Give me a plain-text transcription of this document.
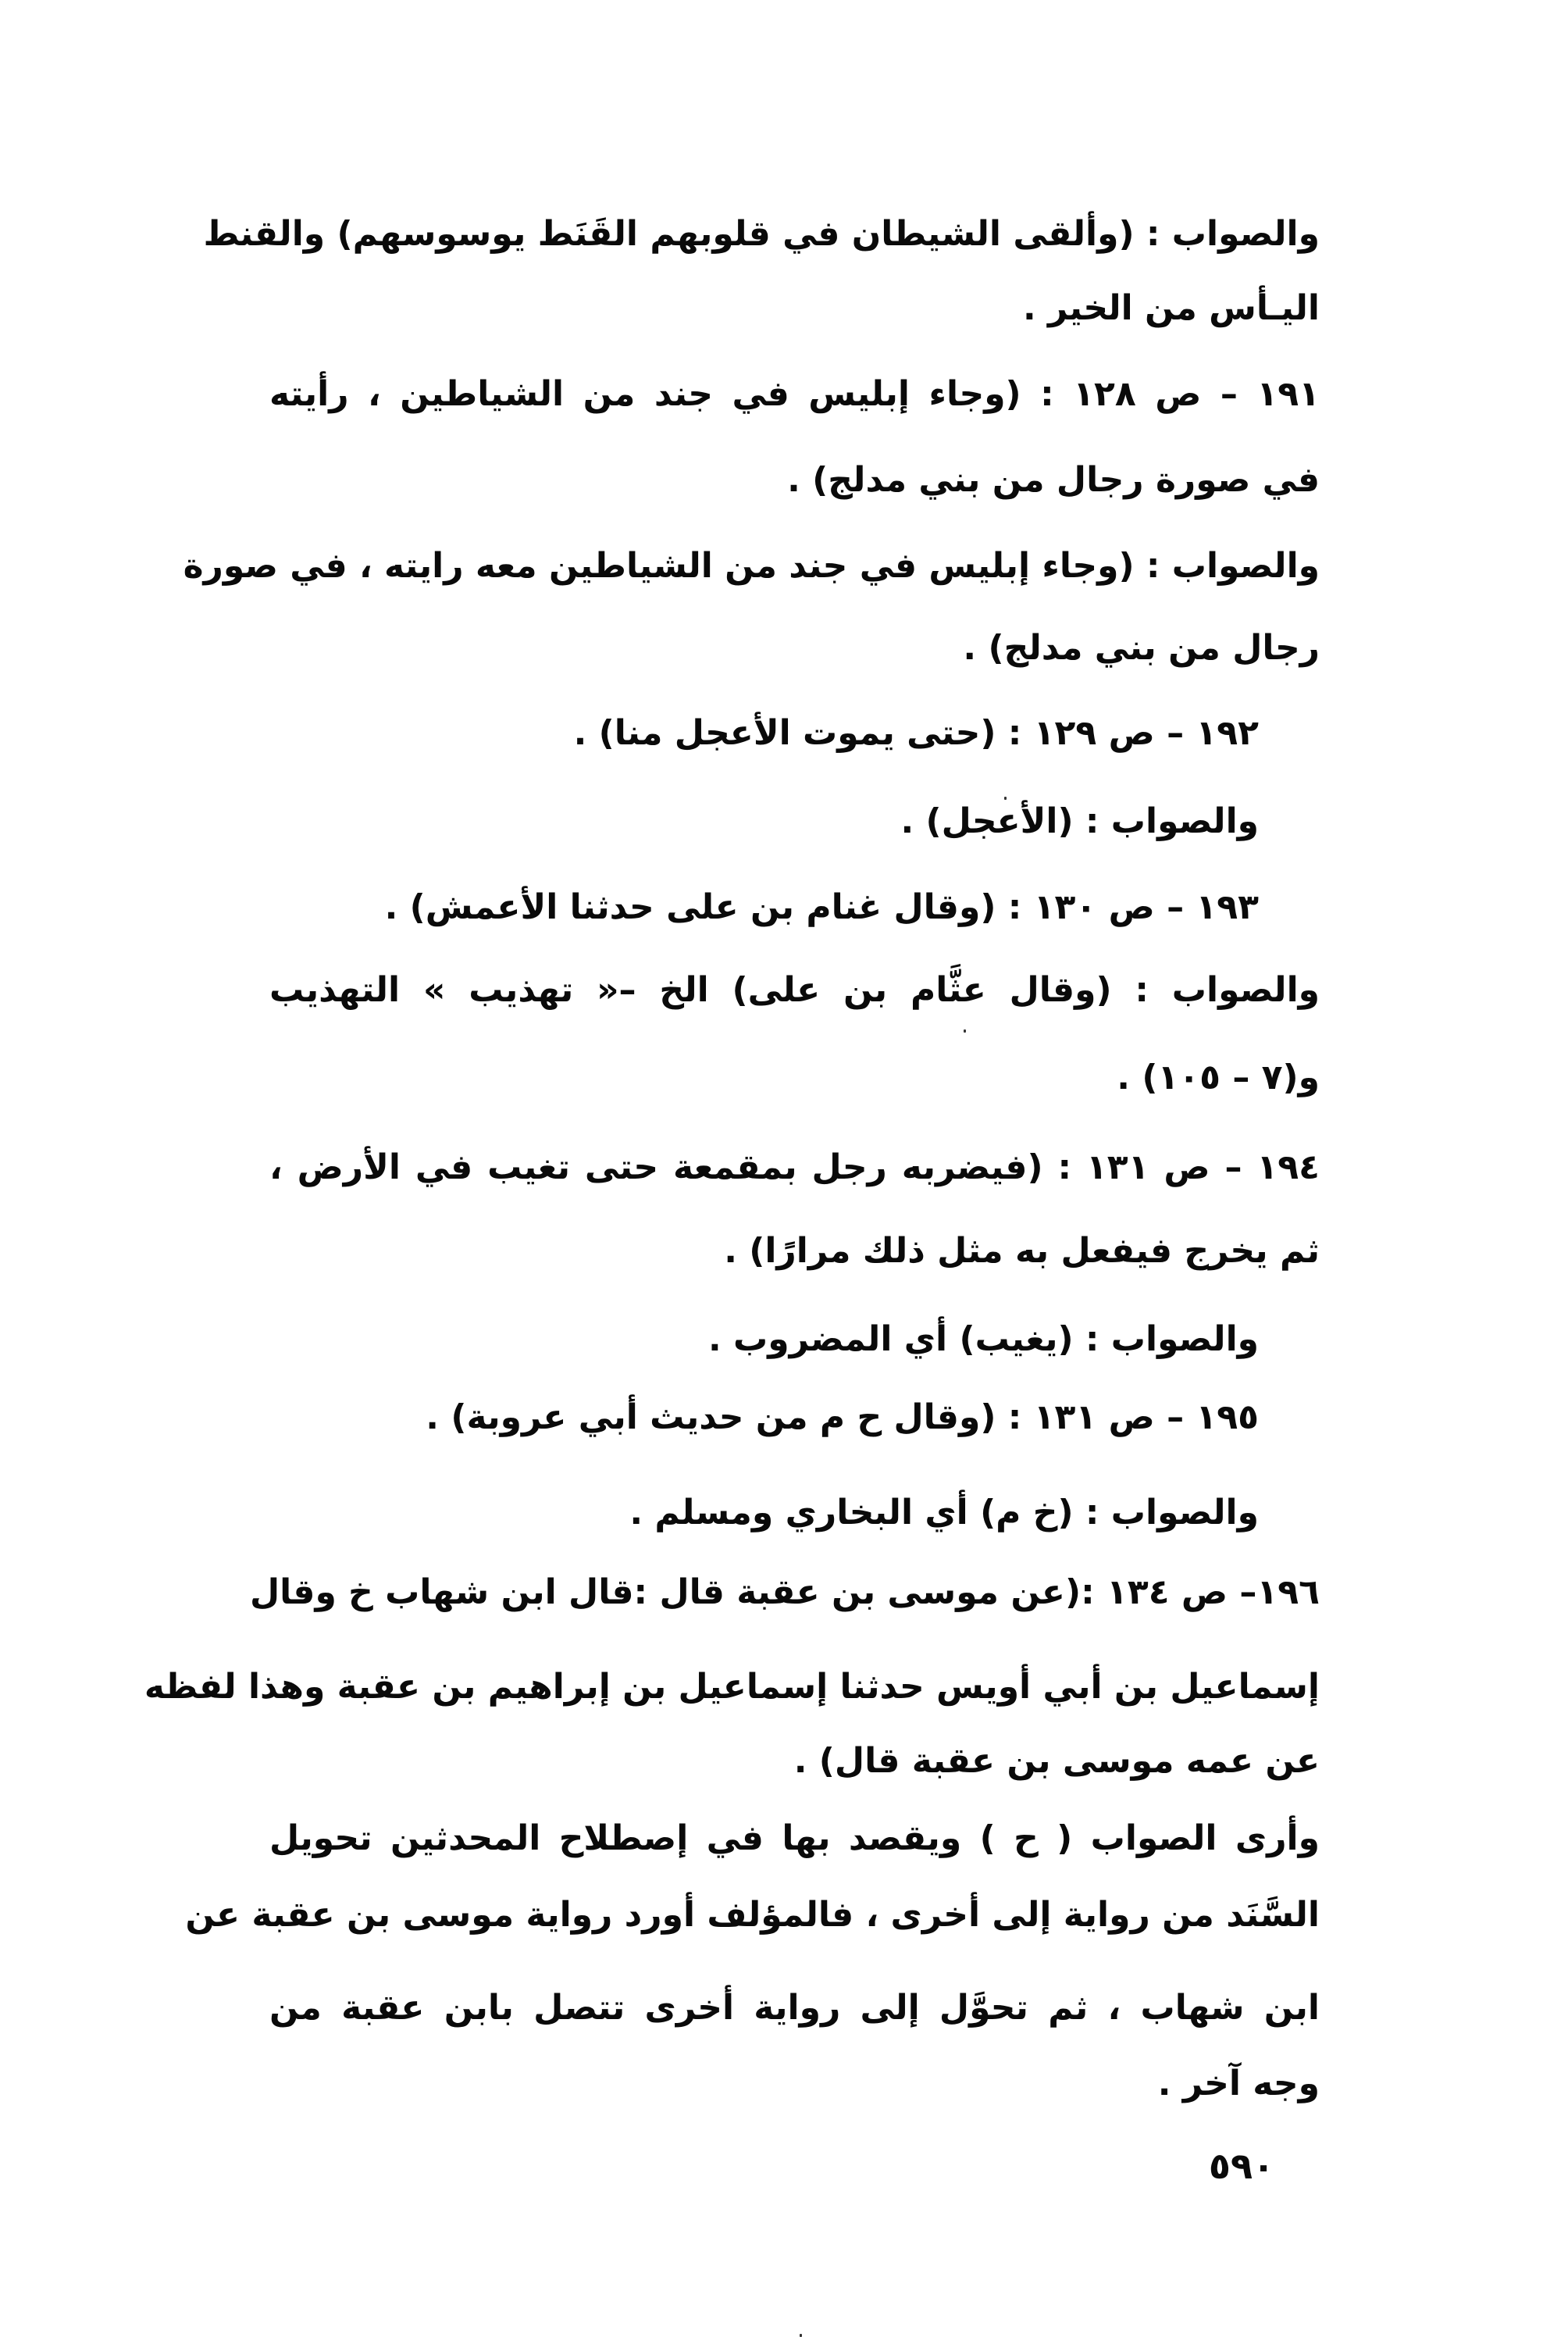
والصواب : (وألقى الشيطان في قلوبهم القَنَط يوسوسهم) والقنط
اليـأس من الخير .
١٩١ – ص ١٢٨ : (وجاء إبليس في جند من الشياطين ، رأيته
في صورة رجال من بني مدلج) .
والصواب : (وجاء إبليس في جند من الشياطين معه رايته ، في صورة
رجال من بني مدلج) .
١٩٢ – ص ١٢٩ : (حتى يموت الأعجل منا) .
والصواب : (الأعجل) .
١٩٣ – ص ١٣٠ : (وقال غنام بن على حدثنا الأعمش) .
والصواب : (وقال عثَّام بن على) الخ –« تهذيب » التهذيب
و(٧ – ١٠٥) .
١٩٤ – ص ١٣١ : (فيضربه رجل بمقمعة حتى تغيب في الأرض ،
ثم يخرج فيفعل به مثل ذلك مرارًا) .
والصواب : (يغيب) أي المضروب .
١٩٥ – ص ١٣١ : (وقال ح م من حديث أبي عروبة) .
والصواب : (خ م) أي البخاري ومسلم .
١٩٦– ص ١٣٤ :(عن موسى بن عقبة قال :قال ابن شهاب خ وقال
إسماعيل بن أبي أويس حدثنا إسماعيل بن إبراهيم بن عقبة وهذا لفظه
عن عمه موسى بن عقبة قال) .
وأرى الصواب ( ح ) ويقصد بها في إصطلاح المحدثين تحويل
السَّنَد من رواية إلى أخرى ، فالمؤلف أورد رواية موسى بن عقبة عن
ابن شهاب ، ثم تحوَّل إلى رواية أخرى تتصل بابن عقبة من
وجه آخر .
٥٩٠
